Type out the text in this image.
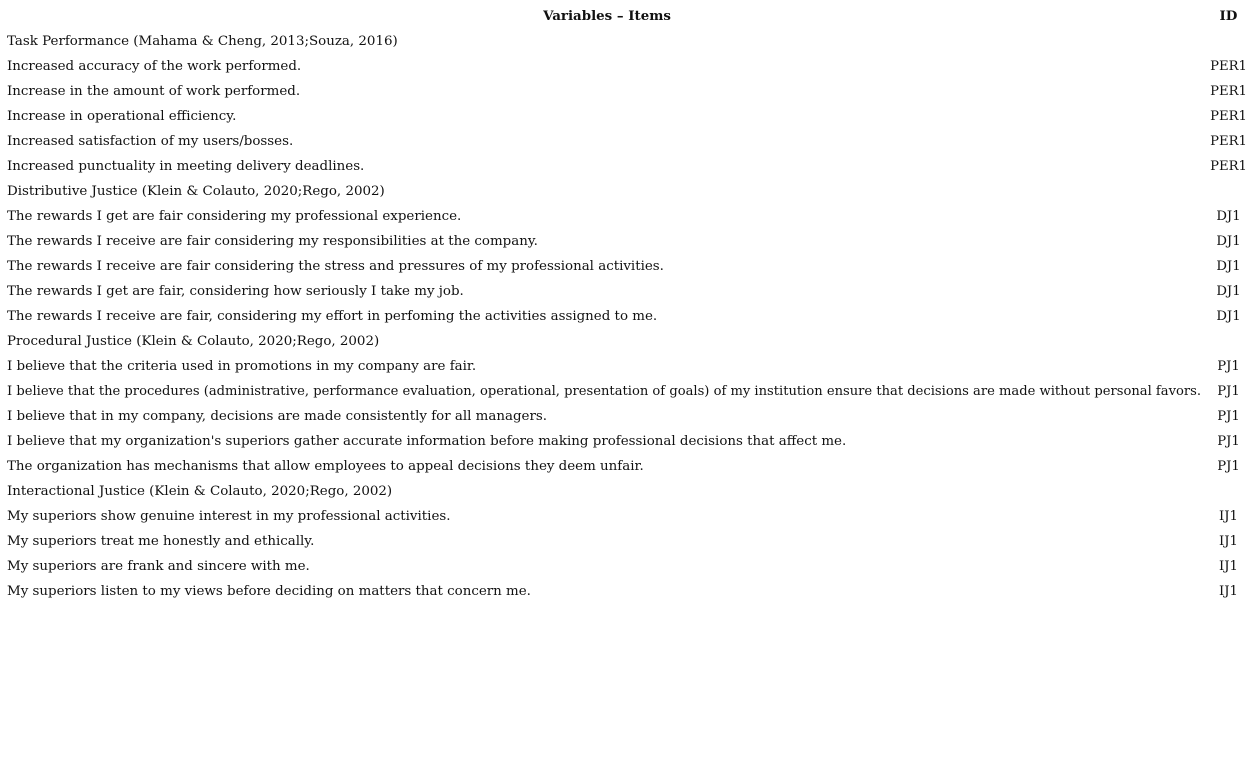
Variables – Items	ID
Task Performance (Mahama & Cheng, 2013;Souza, 2016)	
Increased accuracy of the work performed.	PER1
Increase in the amount of work performed.	PER1
Increase in operational efficiency.	PER1
Increased satisfaction of my users/bosses.	PER1
Increased punctuality in meeting delivery deadlines.	PER1
Distributive Justice (Klein & Colauto, 2020;Rego, 2002)	
The rewards I get are fair considering my professional experience.	DJ1
The rewards I receive are fair considering my responsibilities at the company.	DJ1
The rewards I receive are fair considering the stress and pressures of my professional activities.	DJ1
The rewards I get are fair, considering how seriously I take my job.	DJ1
The rewards I receive are fair, considering my effort in perfoming the activities assigned to me.	DJ1
Procedural Justice (Klein & Colauto, 2020;Rego, 2002)	
I believe that the criteria used in promotions in my company are fair.	PJ1
I believe that the procedures (administrative, performance evaluation, operational, presentation of goals) of my institution ensure that decisions are made without personal favors.	PJ1
I believe that in my company, decisions are made consistently for all managers.	PJ1
I believe that my organization's superiors gather accurate information before making professional decisions that affect me.	PJ1
The organization has mechanisms that allow employees to appeal decisions they deem unfair.	PJ1
Interactional Justice (Klein & Colauto, 2020;Rego, 2002)	
My superiors show genuine interest in my professional activities.	IJ1
My superiors treat me honestly and ethically.	IJ1
My superiors are frank and sincere with me.	IJ1
My superiors listen to my views before deciding on matters that concern me.	IJ1
